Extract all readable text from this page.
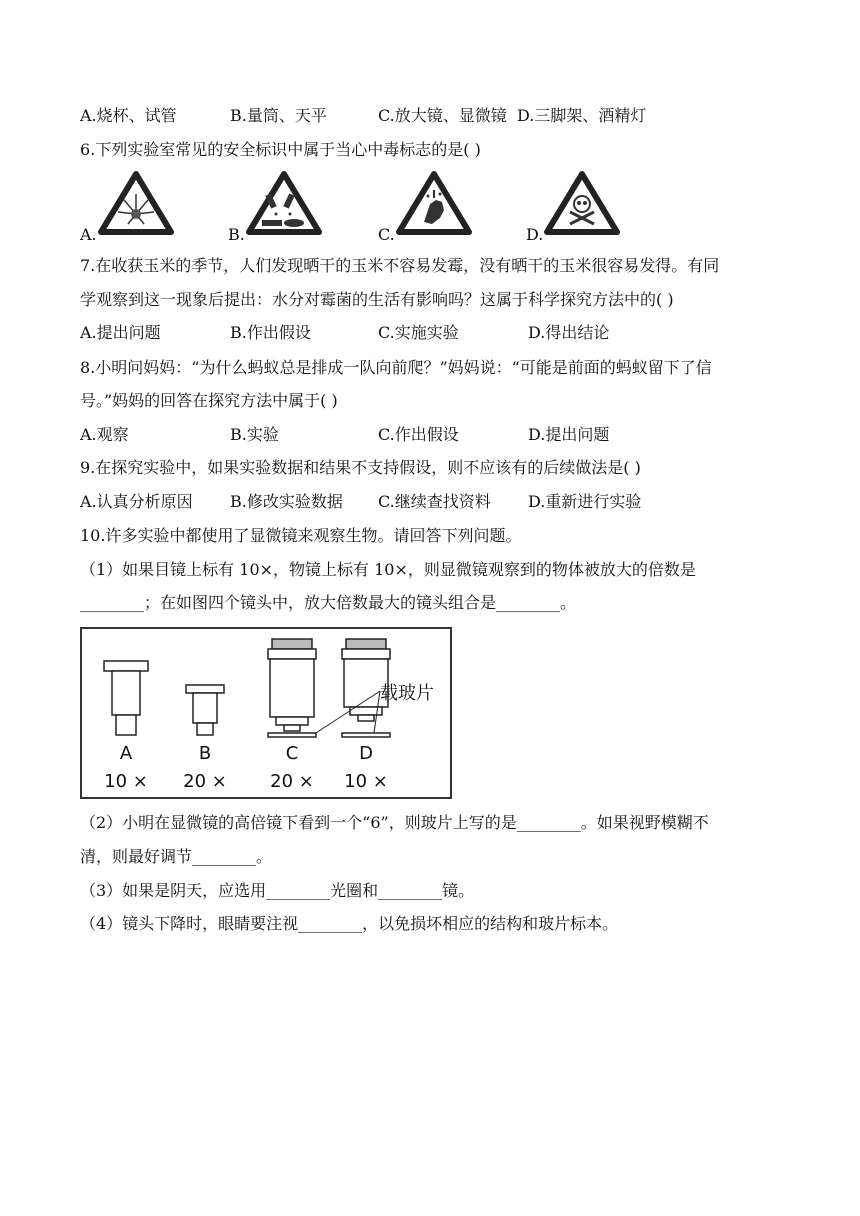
A.烧杯、试管	B.量筒、天平	C.放大镜、显微镜 D.三脚架、酒精灯
6.下列实验室常见的安全标识中属于当心中毒标志的是( )
A.	B.	C.	D.
7.在收获玉米的季节，人们发现晒干的玉米不容易发霉，没有晒干的玉米很容易发得。有同
学观察到这一现象后提出：水分对霉菌的生活有影响吗？这属于科学探究方法中的( )
A.提出问题	B.作出假设	C.实施实验	D.得出结论
8.小明问妈妈：“为什么蚂蚁总是排成一队向前爬？”妈妈说：“可能是前面的蚂蚁留下了信
号。”妈妈的回答在探究方法中属于( )
A.观察	B.实验	C.作出假设	D.提出问题
9.在探究实验中，如果实验数据和结果不支持假设，则不应该有的后续做法是( )
A.认真分析原因 B.修改实验数据 C.继续查找资料 D.重新进行实验
10.许多实验中都使用了显微镜来观察生物。请回答下列问题。
（1）如果目镜上标有 10×，物镜上标有 10×，则显微镜观察到的物体被放大的倍数是
________；在如图四个镜头中，放大倍数最大的镜头组合是________。
载玻片
A	B	C	D
10 × 20 × 20 × 10 ×
（2）小明在显微镜的高倍镜下看到一个“6”，则玻片上写的是________。如果视野模糊不
清，则最好调节________。
（3）如果是阴天，应选用________光圈和________镜。
（4）镜头下降时，眼睛要注视________，以免损坏相应的结构和玻片标本。
